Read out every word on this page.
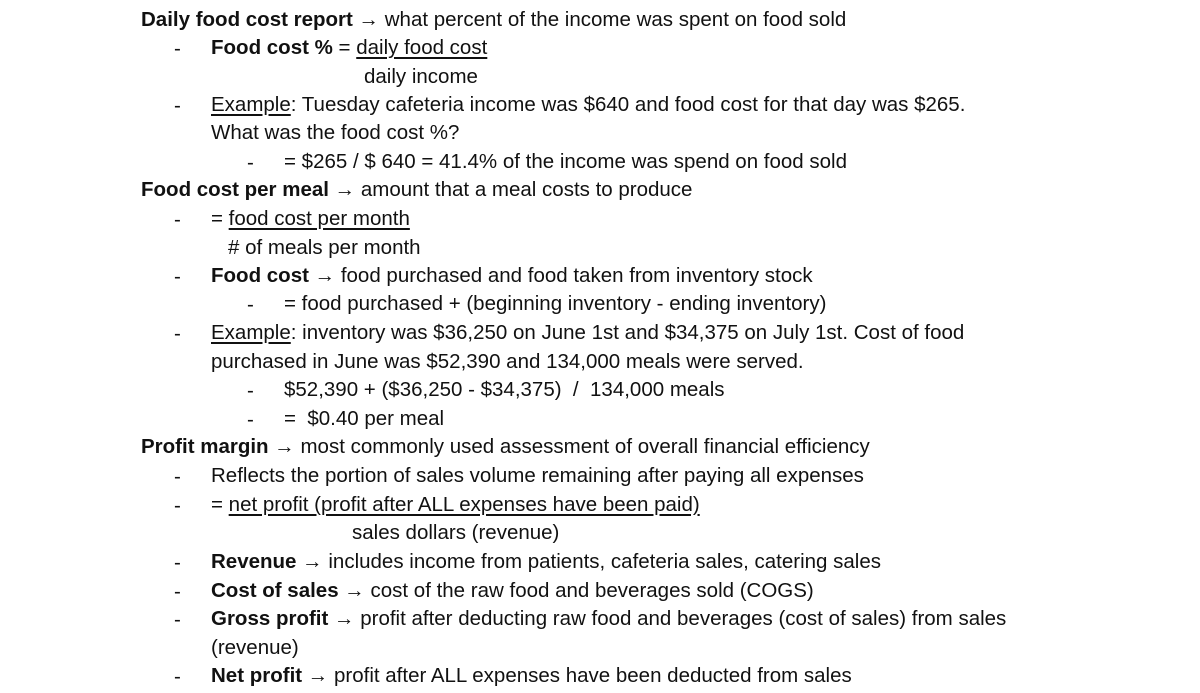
Daily food cost report → what percent of the income was spent on food sold
- Food cost % = daily food cost
daily income
- Example: Tuesday cafeteria income was $640 and food cost for that day was $265.
What was the food cost %?
- = $265 / $ 640 = 41.4% of the income was spend on food sold
Food cost per meal → amount that a meal costs to produce
- = food cost per month
# of meals per month
- Food cost → food purchased and food taken from inventory stock
- = food purchased + (beginning inventory - ending inventory)
- Example: inventory was $36,250 on June 1st and $34,375 on July 1st. Cost of food
purchased in June was $52,390 and 134,000 meals were served.
- $52,390 + ($36,250 - $34,375)  /  134,000 meals
- =  $0.40 per meal
Profit margin → most commonly used assessment of overall financial efficiency
- Reflects the portion of sales volume remaining after paying all expenses
- = net profit (profit after ALL expenses have been paid)
sales dollars (revenue)
- Revenue → includes income from patients, cafeteria sales, catering sales
- Cost of sales → cost of the raw food and beverages sold (COGS)
- Gross profit → profit after deducting raw food and beverages (cost of sales) from sales
(revenue)
- Net profit → profit after ALL expenses have been deducted from sales
